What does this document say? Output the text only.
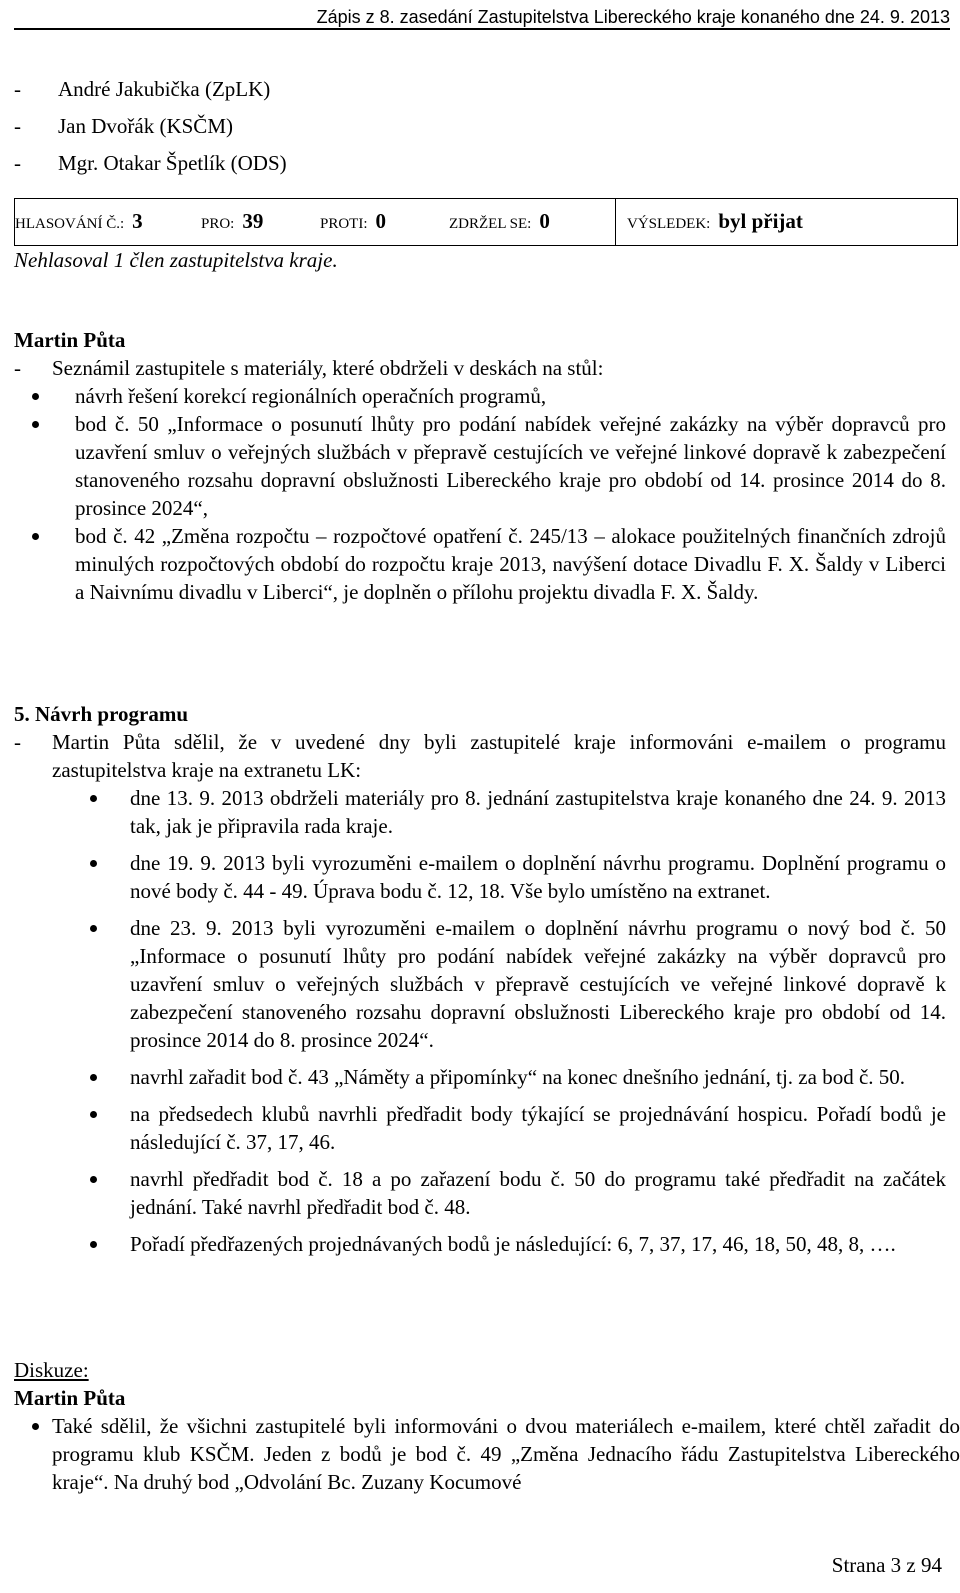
Zápis z 8. zasedání Zastupitelstva Libereckého kraje konaného dne 24. 9. 2013
-	André Jakubička (ZpLK)
-	Jan Dvořák (KSČM)
-	Mgr. Otakar Špetlík (ODS)
HLASOVÁNÍ Č.: 3	PRO: 39	PROTI: 0	ZDRŽEL SE: 0	VÝSLEDEK: byl přijat
Nehlasoval 1 člen zastupitelstva kraje.
Martin Půta
-	Seznámil zastupitele s materiály, které obdrželi v deskách na stůl:
návrh řešení korekcí regionálních operačních programů,
bod č. 50 „Informace o posunutí lhůty pro podání nabídek veřejné zakázky na výběr dopravců pro uzavření smluv o veřejných službách v přepravě cestujících ve veřejné linkové dopravě k zabezpečení stanoveného rozsahu dopravní obslužnosti Libereckého kraje pro období od 14. prosince 2014 do 8. prosince 2024“,
bod č. 42 „Změna rozpočtu – rozpočtové opatření č. 245/13 – alokace použitelných finančních zdrojů minulých rozpočtových období do rozpočtu kraje 2013, navýšení dotace Divadlu F. X. Šaldy v Liberci a Naivnímu divadlu v Liberci“, je doplněn o přílohu projektu divadla F. X. Šaldy.
5. Návrh programu
-	Martin Půta sdělil, že v uvedené dny byli zastupitelé kraje informováni e-mailem o programu zastupitelstva kraje na extranetu LK:
dne 13. 9. 2013 obdrželi materiály pro 8. jednání zastupitelstva kraje konaného dne 24. 9. 2013 tak, jak je připravila rada kraje.
dne 19. 9. 2013 byli vyrozuměni e-mailem o doplnění návrhu programu. Doplnění programu o nové body č. 44 - 49. Úprava bodu č. 12, 18. Vše bylo umístěno na extranet.
dne 23. 9. 2013 byli vyrozuměni e-mailem o doplnění návrhu programu o nový bod č. 50 „Informace o posunutí lhůty pro podání nabídek veřejné zakázky na výběr dopravců pro uzavření smluv o veřejných službách v přepravě cestujících ve veřejné linkové dopravě k zabezpečení stanoveného rozsahu dopravní obslužnosti Libereckého kraje pro období od 14. prosince 2014 do 8. prosince 2024“.
navrhl zařadit bod č. 43 „Náměty a připomínky“ na konec dnešního jednání, tj. za bod č. 50.
na předsedech klubů navrhli předřadit body týkající se projednávání hospicu. Pořadí bodů je následující č. 37, 17, 46.
navrhl předřadit bod č. 18 a po zařazení bodu č. 50 do programu také předřadit na začátek jednání. Také navrhl předřadit bod č. 48.
Pořadí předřazených projednávaných bodů je následující: 6, 7, 37, 17, 46, 18, 50, 48, 8, ….
Diskuze:
Martin Půta
Také sdělil, že všichni zastupitelé byli informováni o dvou materiálech e-mailem, které chtěl zařadit do programu klub KSČM. Jeden z bodů je bod č. 49 „Změna Jednacího řádu Zastupitelstva Libereckého kraje“. Na druhý bod „Odvolání Bc. Zuzany Kocumové
Strana 3 z 94
